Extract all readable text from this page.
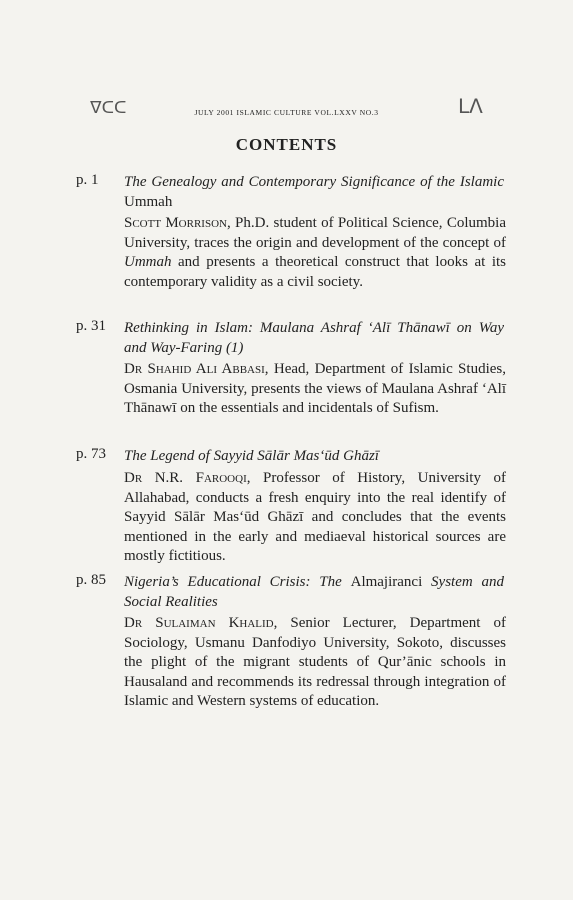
ᐁᑕᑕ	JULY 2001 ISLAMIC CULTURE VOL.LXXV NO.3	ᒪᐱ
CONTENTS
p. 1 The Genealogy and Contemporary Significance of the Islamic Ummah
Scott Morrison, Ph.D. student of Political Science, Columbia University, traces the origin and development of the concept of Ummah and presents a theoretical construct that looks at its contemporary validity as a civil society.
p. 31 Rethinking in Islam: Maulana Ashraf ‘Alī Thānawī on Way and Way-Faring (1)
Dr Shahid Ali Abbasi, Head, Department of Islamic Studies, Osmania University, presents the views of Maulana Ashraf ‘Alī Thānawī on the essentials and incidentals of Sufism.
p. 73 The Legend of Sayyid Sālār Mas‘ūd Ghāzī
Dr N.R. Farooqi, Professor of History, University of Allahabad, conducts a fresh enquiry into the real identify of Sayyid Sālār Mas‘ūd Ghāzī and concludes that the events mentioned in the early and mediaeval historical sources are mostly fictitious.
p. 85 Nigeria’s Educational Crisis: The Almajiranci System and Social Realities
Dr Sulaiman Khalid, Senior Lecturer, Department of Sociology, Usmanu Danfodiyo University, Sokoto, discusses the plight of the migrant students of Qur’ānic schools in Hausaland and recommends its redressal through integration of Islamic and Western systems of education.
